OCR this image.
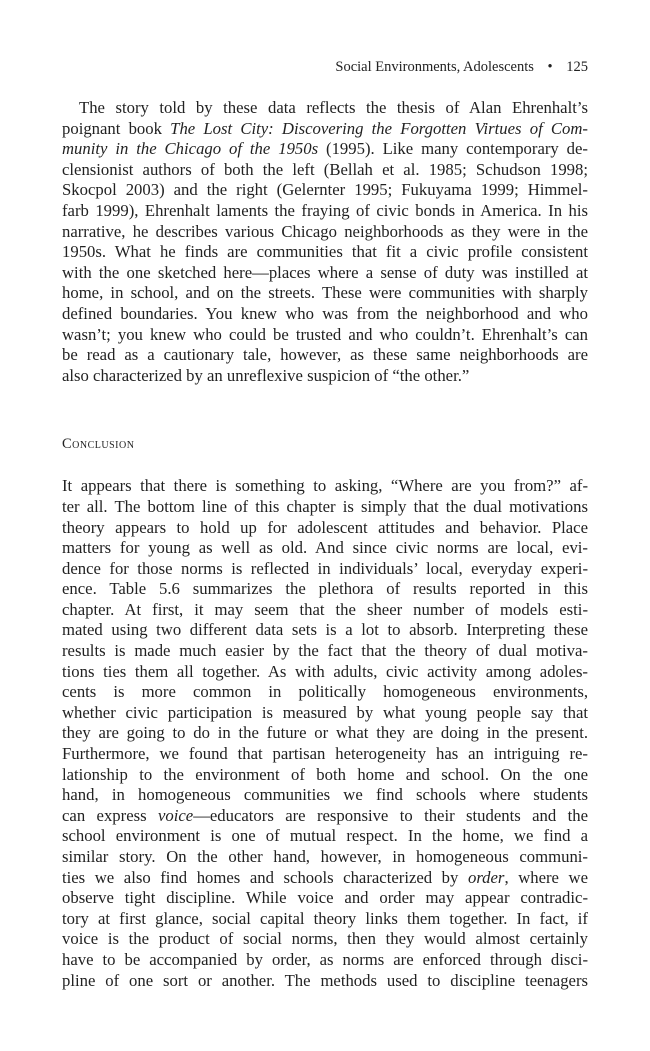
Social Environments, Adolescents • 125
The story told by these data reflects the thesis of Alan Ehrenhalt’s
poignant book The Lost City: Discovering the Forgotten Virtues of Com-
munity in the Chicago of the 1950s (1995). Like many contemporary de-
clensionist authors of both the left (Bellah et al. 1985; Schudson 1998;
Skocpol 2003) and the right (Gelernter 1995; Fukuyama 1999; Himmel-
farb 1999), Ehrenhalt laments the fraying of civic bonds in America. In his
narrative, he describes various Chicago neighborhoods as they were in the
1950s. What he finds are communities that fit a civic profile consistent
with the one sketched here—places where a sense of duty was instilled at
home, in school, and on the streets. These were communities with sharply
defined boundaries. You knew who was from the neighborhood and who
wasn’t; you knew who could be trusted and who couldn’t. Ehrenhalt’s can
be read as a cautionary tale, however, as these same neighborhoods are
also characterized by an unreflexive suspicion of “the other.”
Conclusion
It appears that there is something to asking, “Where are you from?” af-
ter all. The bottom line of this chapter is simply that the dual motivations
theory appears to hold up for adolescent attitudes and behavior. Place
matters for young as well as old. And since civic norms are local, evi-
dence for those norms is reflected in individuals’ local, everyday experi-
ence. Table 5.6 summarizes the plethora of results reported in this
chapter. At first, it may seem that the sheer number of models esti-
mated using two different data sets is a lot to absorb. Interpreting these
results is made much easier by the fact that the theory of dual motiva-
tions ties them all together. As with adults, civic activity among adoles-
cents is more common in politically homogeneous environments,
whether civic participation is measured by what young people say that
they are going to do in the future or what they are doing in the present.
Furthermore, we found that partisan heterogeneity has an intriguing re-
lationship to the environment of both home and school. On the one
hand, in homogeneous communities we find schools where students
can express voice—educators are responsive to their students and the
school environment is one of mutual respect. In the home, we find a
similar story. On the other hand, however, in homogeneous communi-
ties we also find homes and schools characterized by order, where we
observe tight discipline. While voice and order may appear contradic-
tory at first glance, social capital theory links them together. In fact, if
voice is the product of social norms, then they would almost certainly
have to be accompanied by order, as norms are enforced through disci-
pline of one sort or another. The methods used to discipline teenagers
